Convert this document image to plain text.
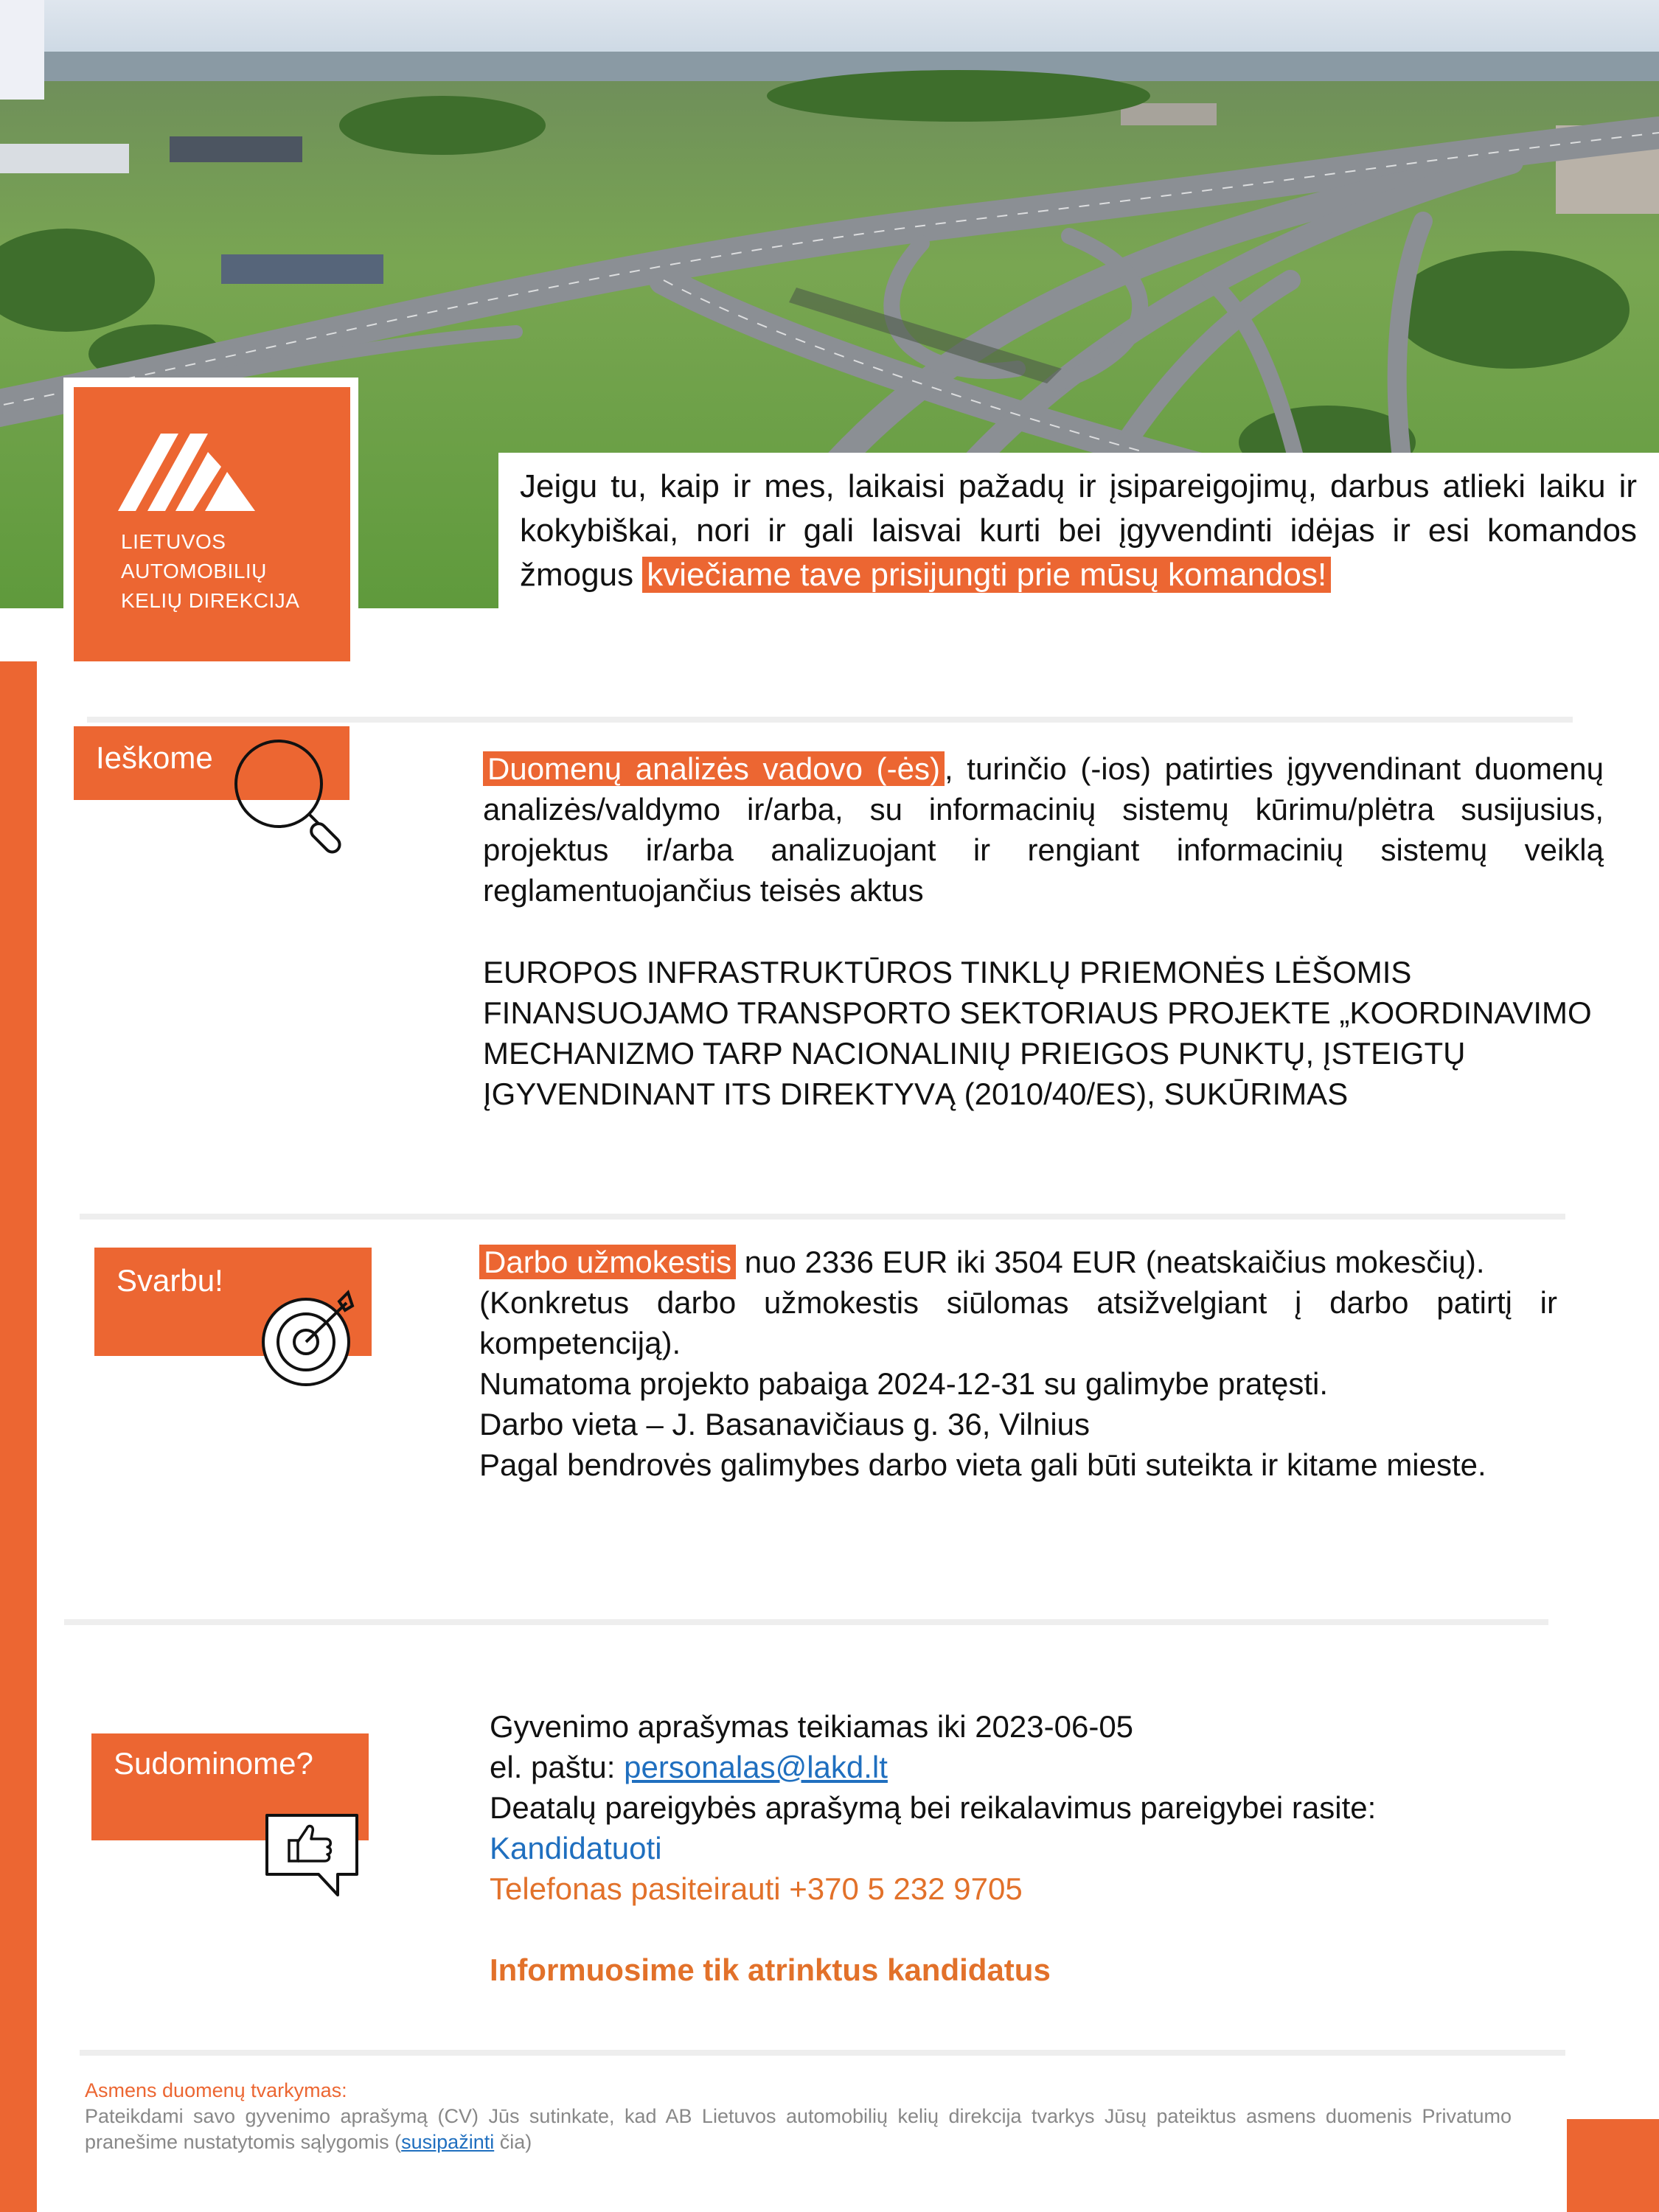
LIETUVOS
AUTOMOBILIŲ
KELIŲ DIREKCIJA
Jeigu tu, kaip ir mes, laikaisi pažadų ir įsipareigojimų, darbus atlieki laiku ir kokybiškai, nori ir gali laisvai kurti bei įgyvendinti idėjas ir esi komandos žmogus kviečiame tave prisijungti prie mūsų komandos!
Ieškome	Duomenų analizės vadovo (-ės) , turinčio (-ios) patirties įgyvendinant duomenų analizės/valdymo ir/arba, su informacinių sistemų kūrimu/plėtra susijusius, projektus ir/arba analizuojant ir rengiant informacinių sistemų veiklą reglamentuojančius teisės aktus

EUROPOS INFRASTRUKTŪROS TINKLŲ PRIEMONĖS LĖŠOMIS FINANSUOJAMO TRANSPORTO SEKTORIAUS PROJEKTE „KOORDINAVIMO MECHANIZMO TARP NACIONALINIŲ PRIEIGOS PUNKTŲ, ĮSTEIGTŲ ĮGYVENDINANT ITS DIREKTYVĄ (2010/40/ES), SUKŪRIMAS
Svarbu!

Darbo užmokestis nuo 2336 EUR iki 3504 EUR (neatskaičius mokesčių).

(Konkretus darbo užmokestis siūlomas atsižvelgiant į darbo patirtį ir kompetenciją).

Numatoma projekto pabaiga 2024-12-31 su galimybe pratęsti.

Darbo vieta – J. Basanavičiaus g. 36, Vilnius

Pagal bendrovės galimybes darbo vieta gali būti suteikta ir kitame mieste.

Sudominome?

Gyvenimo aprašymas teikiamas iki 2023-06-05

el. paštu: personalas@lakd.lt

Deatalų pareigybės aprašymą bei reikalavimus pareigybei rasite:

Kandidatuoti

Telefonas pasiteirauti +370 5 232 9705

Informuosime tik atrinktus kandidatus

Asmens duomenų tvarkymas:
Pateikdami savo gyvenimo aprašymą (CV) Jūs sutinkate, kad AB Lietuvos automobilių kelių direkcija tvarkys Jūsų pateiktus asmens duomenis Privatumo pranešime nustatytomis sąlygomis (susipažinti čia)
